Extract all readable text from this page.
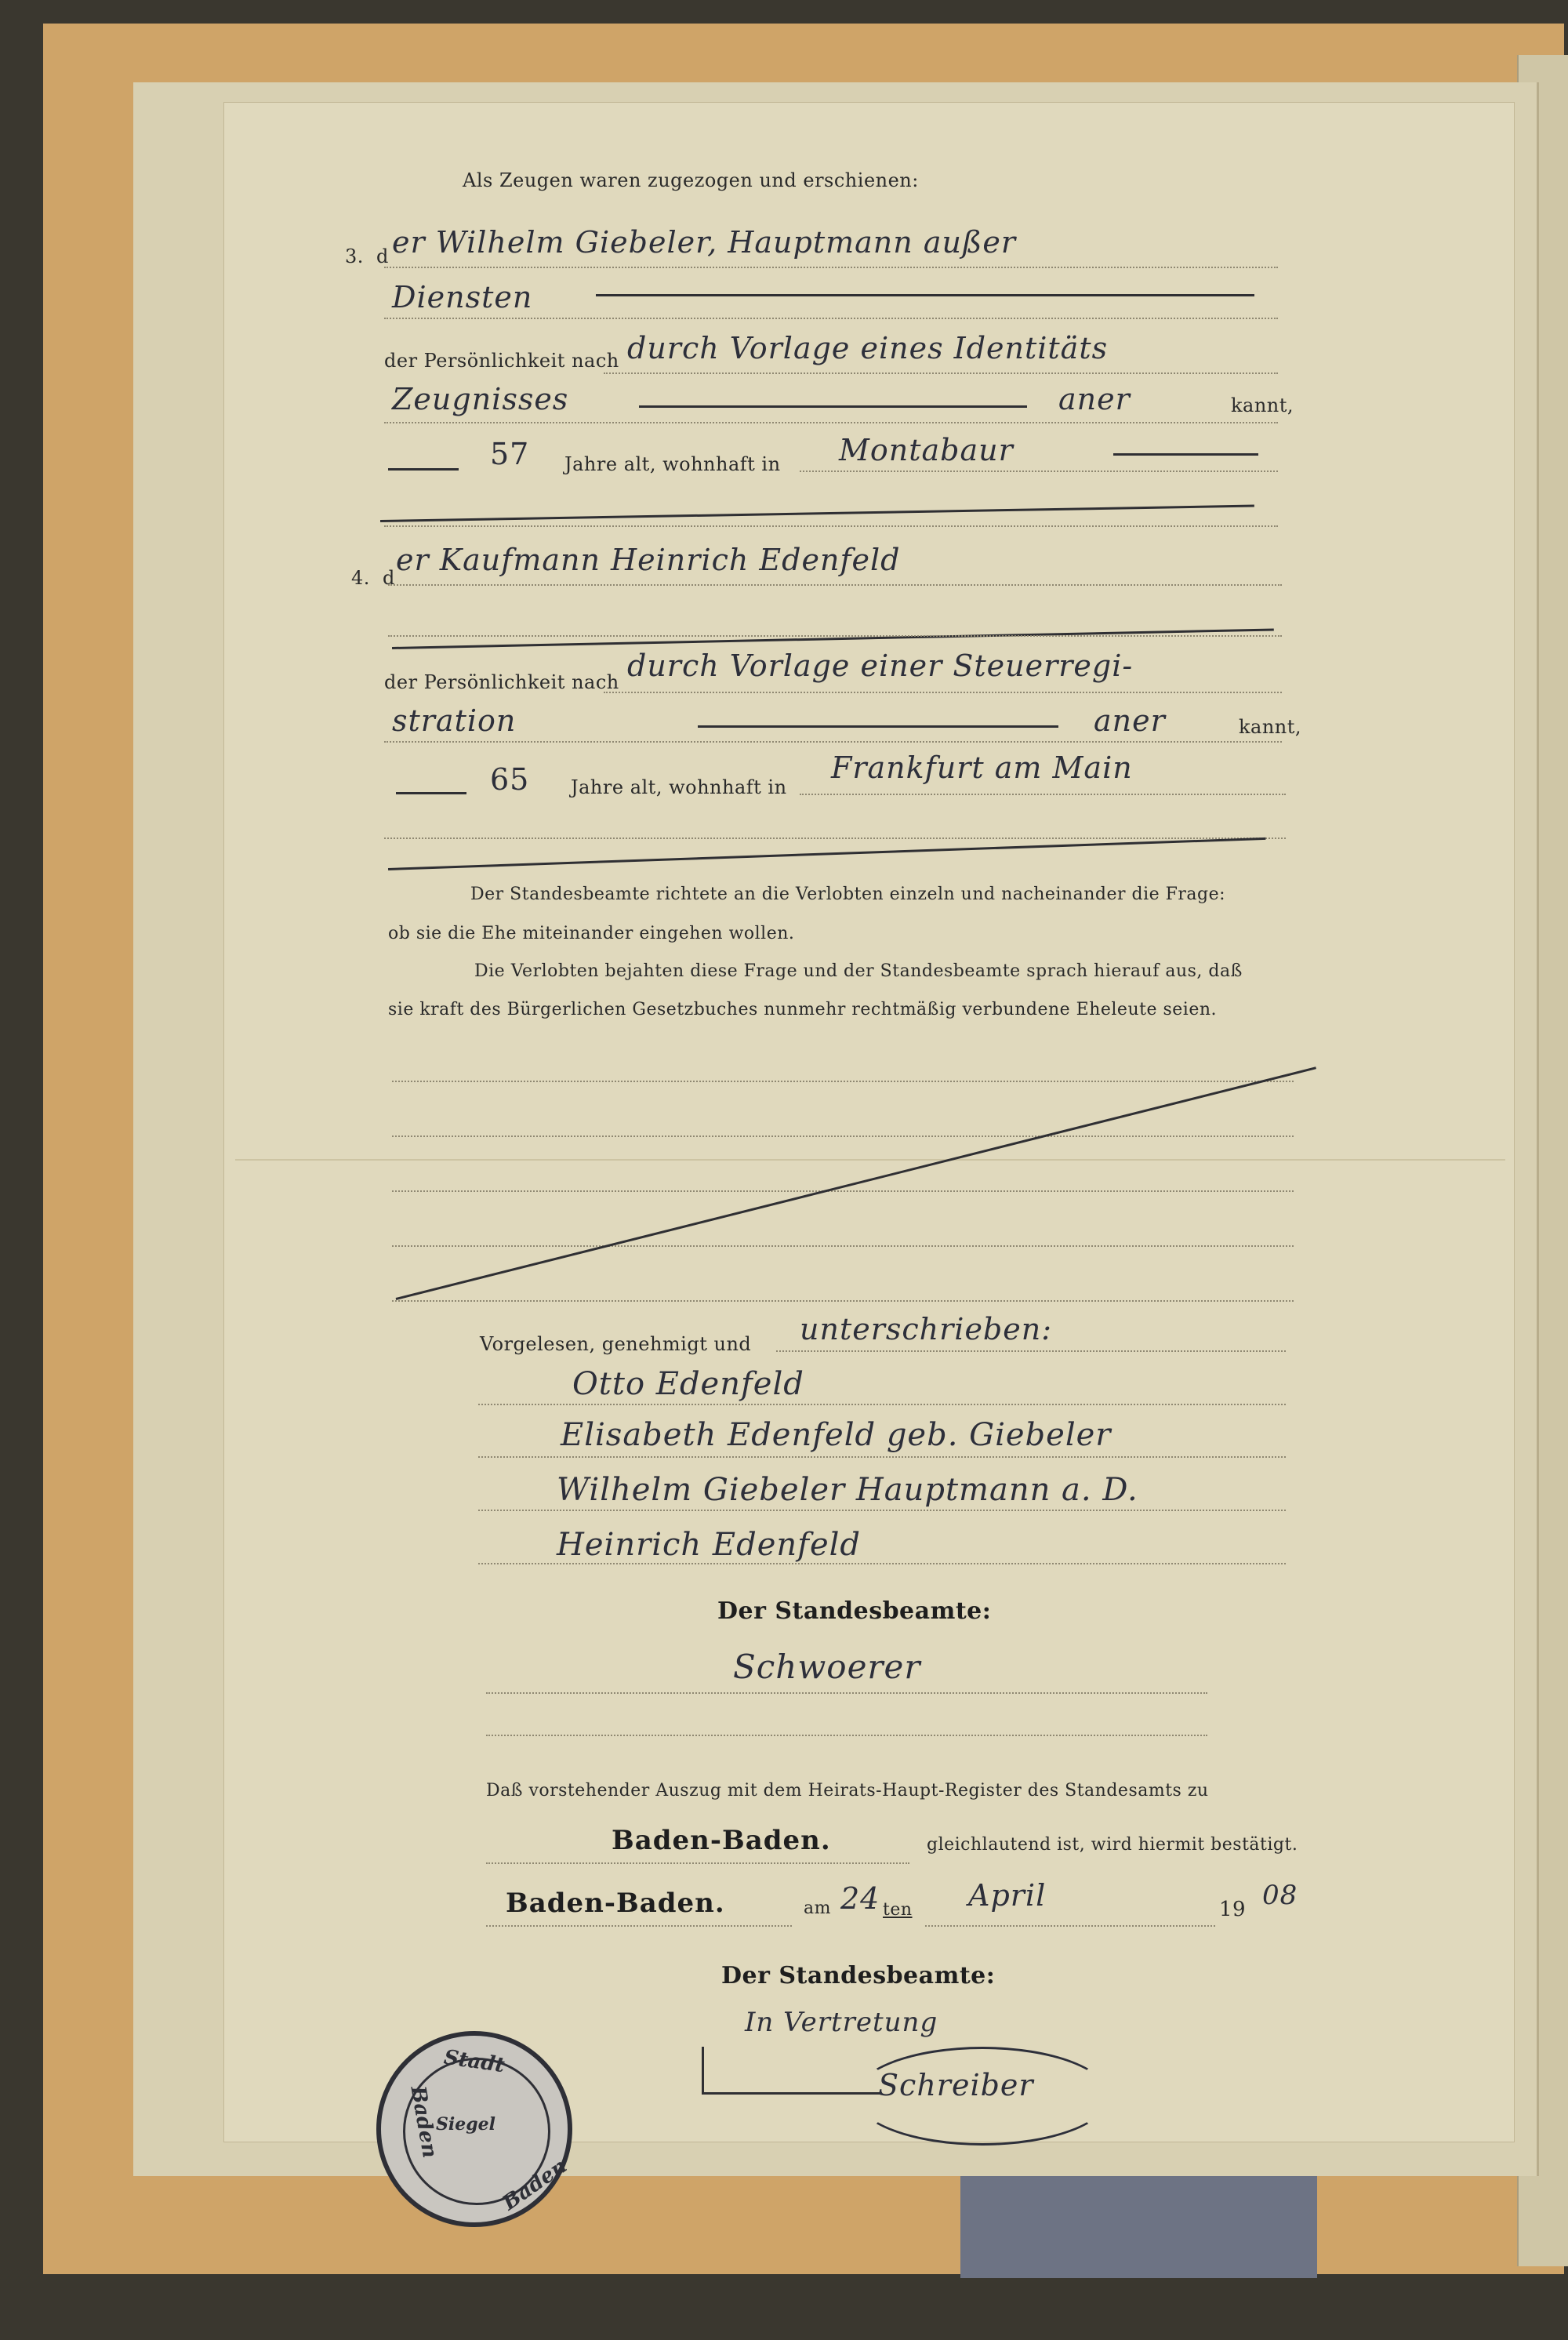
Als Zeugen waren zugezogen und erschienen:
3. d er Wilhelm Giebeler, Hauptmann außer
Diensten
der Persönlichkeit nach durch Vorlage eines Identitäts
Zeugnisses	aner	kannt,
57 Jahre alt, wohnhaft in Montabaur
4. d
er Kaufmann Heinrich Edenfeld
der Persönlichkeit nach durch Vorlage einer Steuerregi-
stration	aner	kannt,
65 Jahre alt, wohnhaft in
Frankfurt am Main
Der Standesbeamte richtete an die Verlobten einzeln und nacheinander die Frage:
ob sie die Ehe miteinander eingehen wollen.
Die Verlobten bejahten diese Frage und der Standesbeamte sprach hierauf aus, daß
sie kraft des Bürgerlichen Gesetzbuches nunmehr rechtmäßig verbundene Eheleute seien.
Vorgelesen, genehmigt und unterschrieben:
Otto Edenfeld
Elisabeth Edenfeld geb. Giebeler
Wilhelm Giebeler Hauptmann a. D.
Heinrich Edenfeld
Der Standesbeamte:
Schwoerer
Daß vorstehender Auszug mit dem Heirats-Haupt-Register des Standesamts zu
Baden-Baden.	gleichlautend ist, wird hiermit bestätigt.
Baden-Baden.	am 24 ten April	19 08
Der Standesbeamte:
In Vertretung
Schreiber
Stadt
Baden
Baden
Siegel
